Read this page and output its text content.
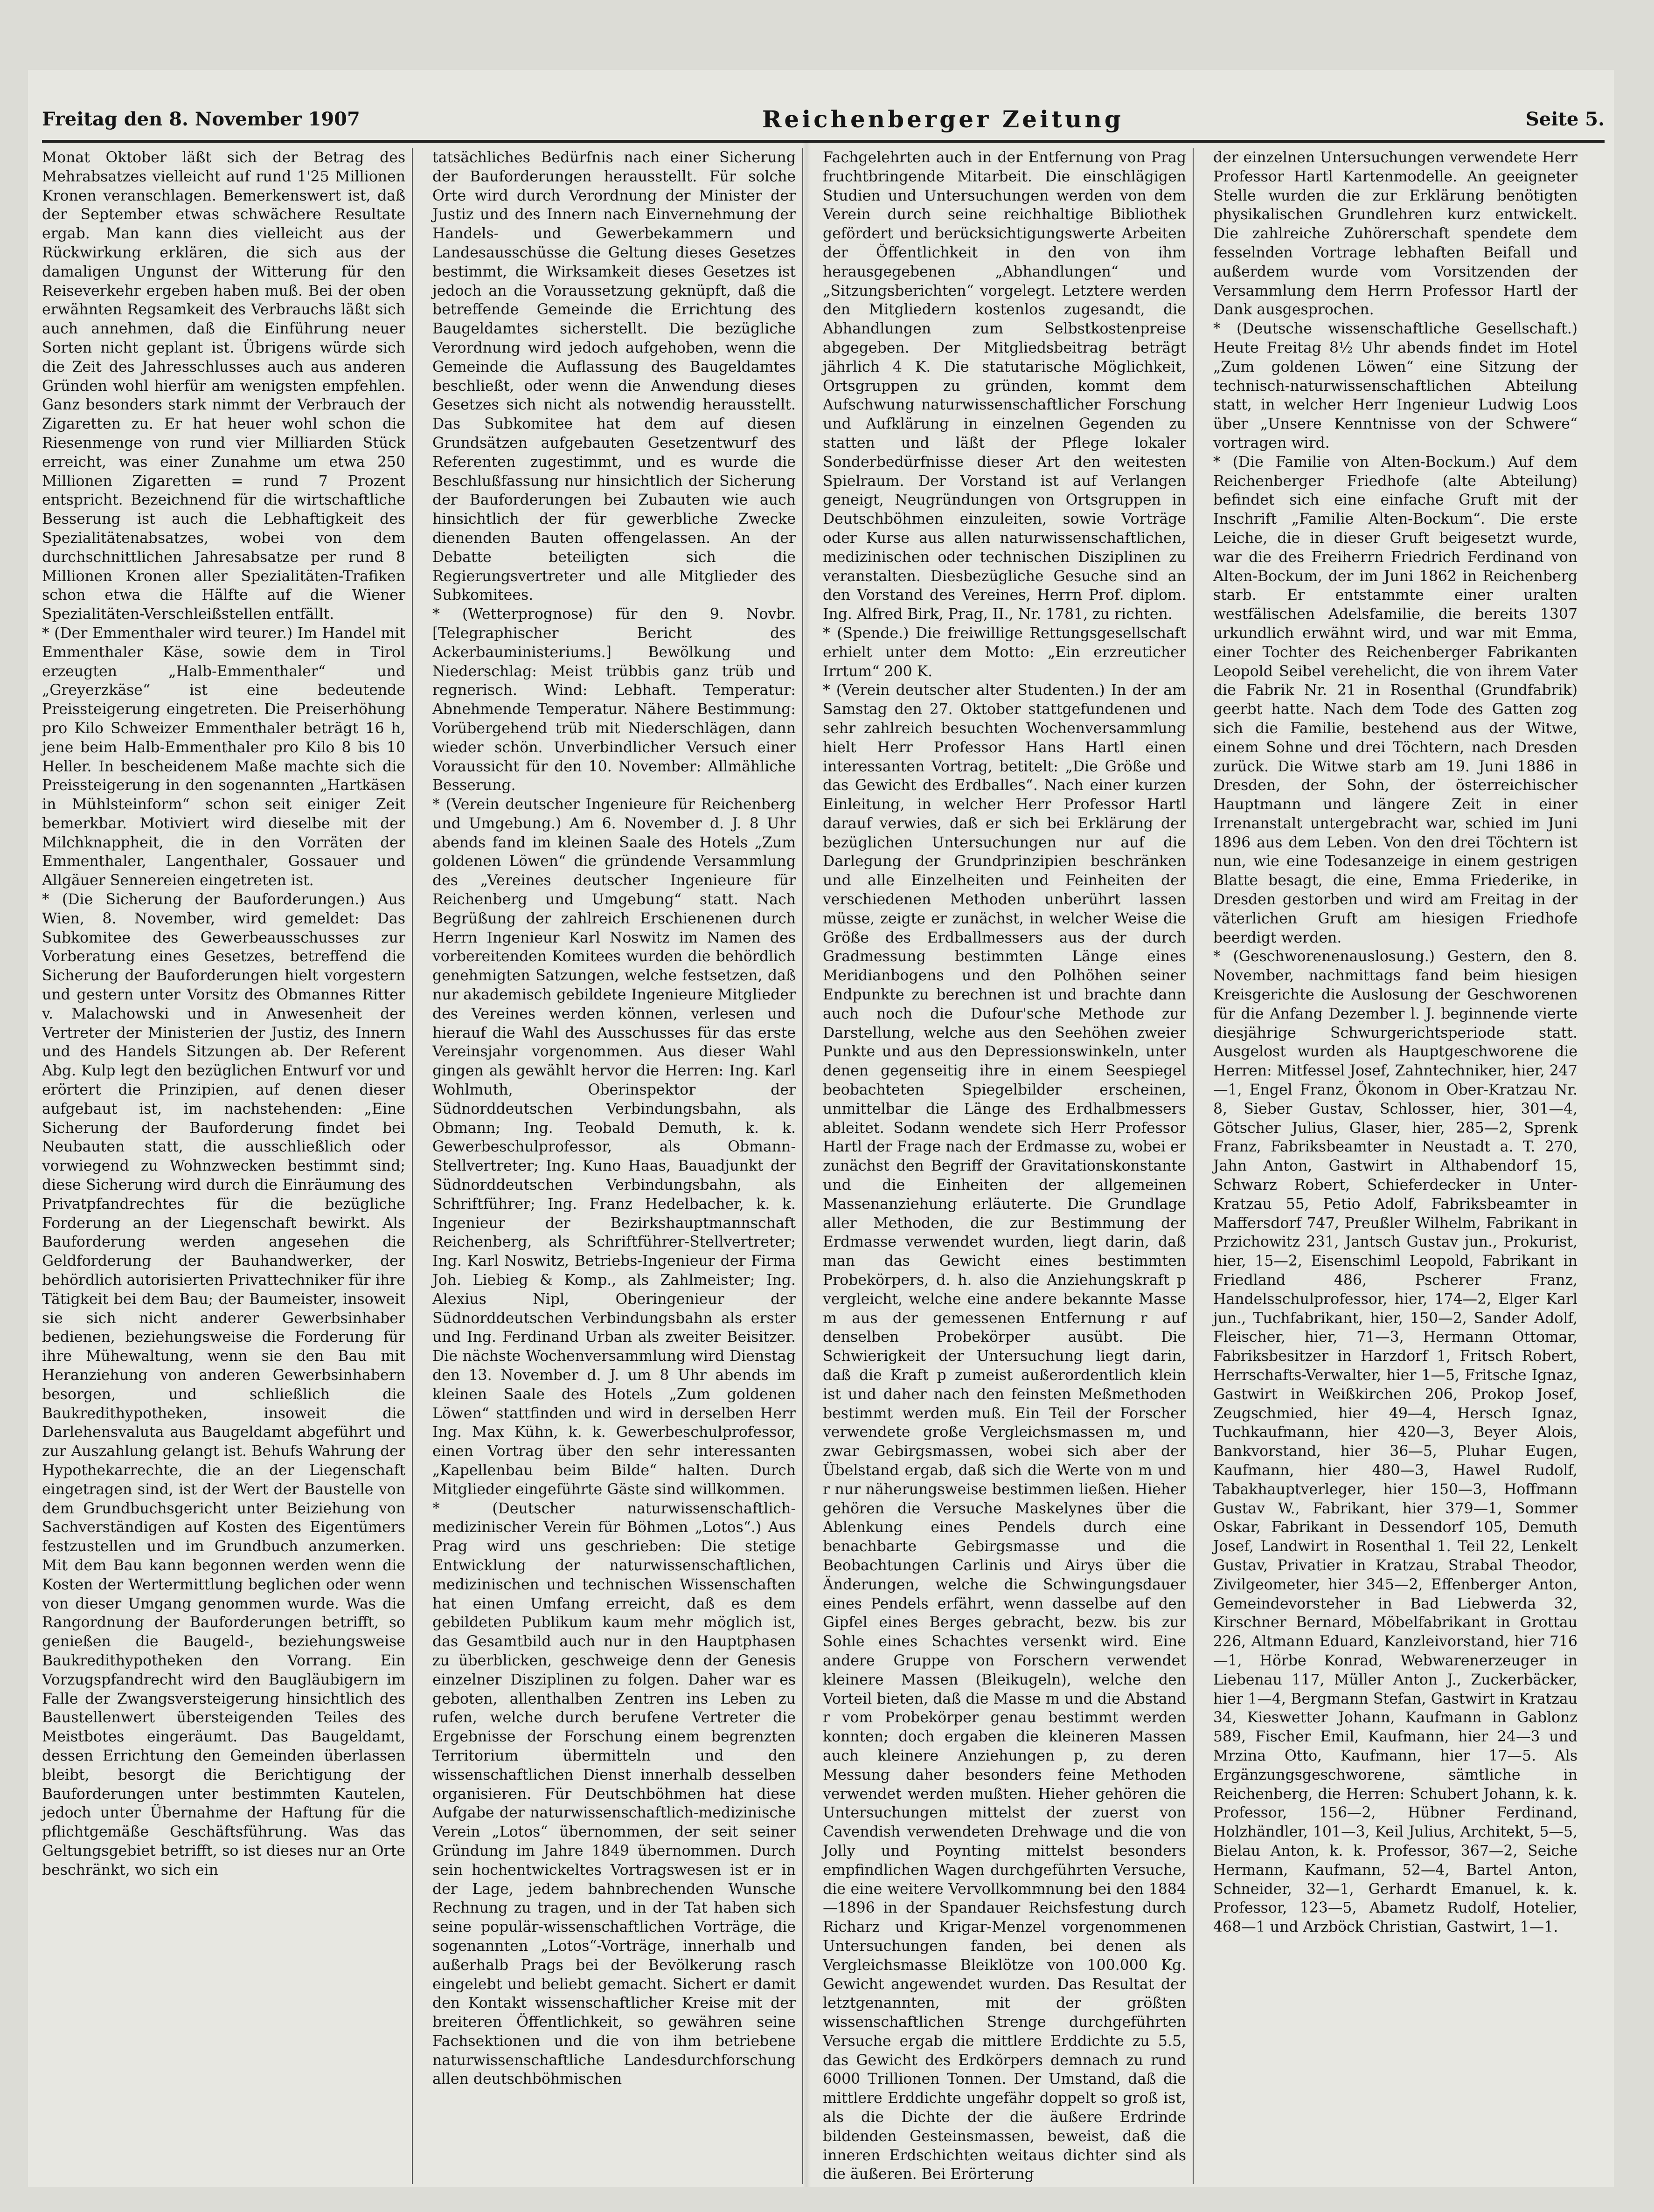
Freitag den 8. November 1907	Reichenberger Zeitung	Seite 5.

Monat Oktober läßt sich der Betrag des Mehrabsatzes vielleicht auf rund 1'25 Millionen Kronen veranschlagen. Bemerkenswert ist, daß der September etwas schwächere Resultate ergab. Man kann dies vielleicht aus der Rückwirkung erklären, die sich aus der damaligen Ungunst der Witterung für den Reiseverkehr ergeben haben muß. Bei der oben erwähnten Regsamkeit des Verbrauchs läßt sich auch annehmen, daß die Einführung neuer Sorten nicht geplant ist. Übrigens würde sich die Zeit des Jahresschlusses auch aus anderen Gründen wohl hierfür am wenigsten empfehlen. Ganz besonders stark nimmt der Verbrauch der Zigaretten zu. Er hat heuer wohl schon die Riesenmenge von rund vier Milliarden Stück erreicht, was einer Zunahme um etwa 250 Millionen Zigaretten = rund 7 Prozent entspricht. Bezeichnend für die wirtschaftliche Besserung ist auch die Lebhaftigkeit des Spezialitätenabsatzes, wobei von dem durchschnittlichen Jahresabsatze per rund 8 Millionen Kronen aller Spezialitäten-Trafiken schon etwa die Hälfte auf die Wiener Spezialitäten-Verschleißstellen entfällt.

* (Der Emmenthaler wird teurer.) Im Handel mit Emmenthaler Käse, sowie dem in Tirol erzeugten „Halb-Emmenthaler“ und „Greyerzkäse“ ist eine bedeutende Preissteigerung eingetreten. Die Preiserhöhung pro Kilo Schweizer Emmenthaler beträgt 16 h, jene beim Halb-Emmenthaler pro Kilo 8 bis 10 Heller. In bescheidenem Maße machte sich die Preissteigerung in den sogenannten „Hartkäsen in Mühlsteinform“ schon seit einiger Zeit bemerkbar. Motiviert wird dieselbe mit der Milchknappheit, die in den Vorräten der Emmenthaler, Langenthaler, Gossauer und Allgäuer Sennereien eingetreten ist.

* (Die Sicherung der Bauforderungen.) Aus Wien, 8. November, wird gemeldet: Das Subkomitee des Gewerbeausschusses zur Vorberatung eines Gesetzes, betreffend die Sicherung der Bauforderungen hielt vorgestern und gestern unter Vorsitz des Obmannes Ritter v. Malachowski und in Anwesenheit der Vertreter der Ministerien der Justiz, des Innern und des Handels Sitzungen ab. Der Referent Abg. Kulp legt den bezüglichen Entwurf vor und erörtert die Prinzipien, auf denen dieser aufgebaut ist, im nachstehenden: „Eine Sicherung der Bauforderung findet bei Neubauten statt, die ausschließlich oder vorwiegend zu Wohnzwecken bestimmt sind; diese Sicherung wird durch die Einräumung des Privatpfandrechtes für die bezügliche Forderung an der Liegenschaft bewirkt. Als Bauforderung werden angesehen die Geldforderung der Bauhandwerker, der behördlich autorisierten Privattechniker für ihre Tätigkeit bei dem Bau; der Baumeister, insoweit sie sich nicht anderer Gewerbsinhaber bedienen, beziehungsweise die Forderung für ihre Mühewaltung, wenn sie den Bau mit Heranziehung von anderen Gewerbsinhabern besorgen, und schließlich die Baukredithypotheken, insoweit die Darlehensvaluta aus Baugeldamt abgeführt und zur Auszahlung gelangt ist. Behufs Wahrung der Hypothekarrechte, die an der Liegenschaft eingetragen sind, ist der Wert der Baustelle von dem Grundbuchsgericht unter Beiziehung von Sachverständigen auf Kosten des Eigentümers festzustellen und im Grundbuch anzumerken. Mit dem Bau kann begonnen werden wenn die Kosten der Wertermittlung beglichen oder wenn von dieser Umgang genommen wurde. Was die Rangordnung der Bauforderungen betrifft, so genießen die Baugeld-, beziehungsweise Baukredithypotheken den Vorrang. Ein Vorzugspfandrecht wird den Baugläubigern im Falle der Zwangsversteigerung hinsichtlich des Baustellenwert übersteigenden Teiles des Meistbotes eingeräumt. Das Baugeldamt, dessen Errichtung den Gemeinden überlassen bleibt, besorgt die Berichtigung der Bauforderungen unter bestimmten Kautelen, jedoch unter Übernahme der Haftung für die pflichtgemäße Geschäftsführung. Was das Geltungsgebiet betrifft, so ist dieses nur an Orte beschränkt, wo sich ein

tatsächliches Bedürfnis nach einer Sicherung der Bauforderungen herausstellt. Für solche Orte wird durch Verordnung der Minister der Justiz und des Innern nach Einvernehmung der Handels- und Gewerbekammern und Landesausschüsse die Geltung dieses Gesetzes bestimmt, die Wirksamkeit dieses Gesetzes ist jedoch an die Voraussetzung geknüpft, daß die betreffende Gemeinde die Errichtung des Baugeldamtes sicherstellt. Die bezügliche Verordnung wird jedoch aufgehoben, wenn die Gemeinde die Auflassung des Baugeldamtes beschließt, oder wenn die Anwendung dieses Gesetzes sich nicht als notwendig herausstellt. Das Subkomitee hat dem auf diesen Grundsätzen aufgebauten Gesetzentwurf des Referenten zugestimmt, und es wurde die Beschlußfassung nur hinsichtlich der Sicherung der Bauforderungen bei Zubauten wie auch hinsichtlich der für gewerbliche Zwecke dienenden Bauten offengelassen. An der Debatte beteiligten sich die Regierungsvertreter und alle Mitglieder des Subkomitees.

* (Wetterprognose) für den 9. Novbr. [Telegraphischer Bericht des Ackerbauministeriums.] Bewölkung und Niederschlag: Meist trübbis ganz trüb und regnerisch. Wind: Lebhaft. Temperatur: Abnehmende Temperatur. Nähere Bestimmung: Vorübergehend trüb mit Niederschlägen, dann wieder schön. Unverbindlicher Versuch einer Voraussicht für den 10. November: Allmähliche Besserung.

* (Verein deutscher Ingenieure für Reichenberg und Umgebung.) Am 6. November d. J. 8 Uhr abends fand im kleinen Saale des Hotels „Zum goldenen Löwen“ die gründende Versammlung des „Vereines deutscher Ingenieure für Reichenberg und Umgebung“ statt. Nach Begrüßung der zahlreich Erschienenen durch Herrn Ingenieur Karl Noswitz im Namen des vorbereitenden Komitees wurden die behördlich genehmigten Satzungen, welche festsetzen, daß nur akademisch gebildete Ingenieure Mitglieder des Vereines werden können, verlesen und hierauf die Wahl des Ausschusses für das erste Vereinsjahr vorgenommen. Aus dieser Wahl gingen als gewählt hervor die Herren: Ing. Karl Wohlmuth, Oberinspektor der Südnorddeutschen Verbindungsbahn, als Obmann; Ing. Teobald Demuth, k. k. Gewerbeschulprofessor, als Obmann-Stellvertreter; Ing. Kuno Haas, Bauadjunkt der Südnorddeutschen Verbindungsbahn, als Schriftführer; Ing. Franz Hedelbacher, k. k. Ingenieur der Bezirkshauptmannschaft Reichenberg, als Schriftführer-Stellvertreter; Ing. Karl Noswitz, Betriebs-Ingenieur der Firma Joh. Liebieg & Komp., als Zahlmeister; Ing. Alexius Nipl, Oberingenieur der Südnorddeutschen Verbindungsbahn als erster und Ing. Ferdinand Urban als zweiter Beisitzer. Die nächste Wochenversammlung wird Dienstag den 13. November d. J. um 8 Uhr abends im kleinen Saale des Hotels „Zum goldenen Löwen“ stattfinden und wird in derselben Herr Ing. Max Kühn, k. k. Gewerbeschulprofessor, einen Vortrag über den sehr interessanten „Kapellenbau beim Bilde“ halten. Durch Mitglieder eingeführte Gäste sind willkommen.

* (Deutscher naturwissenschaftlich-medizinischer Verein für Böhmen „Lotos“.) Aus Prag wird uns geschrieben: Die stetige Entwicklung der naturwissenschaftlichen, medizinischen und technischen Wissenschaften hat einen Umfang erreicht, daß es dem gebildeten Publikum kaum mehr möglich ist, das Gesamtbild auch nur in den Hauptphasen zu überblicken, geschweige denn der Genesis einzelner Disziplinen zu folgen. Daher war es geboten, allenthalben Zentren ins Leben zu rufen, welche durch berufene Vertreter die Ergebnisse der Forschung einem begrenzten Territorium übermitteln und den wissenschaftlichen Dienst innerhalb desselben organisieren. Für Deutschböhmen hat diese Aufgabe der naturwissenschaftlich-medizinische Verein „Lotos“ übernommen, der seit seiner Gründung im Jahre 1849 übernommen. Durch sein hochentwickeltes Vortragswesen ist er in der Lage, jedem bahnbrechenden Wunsche Rechnung zu tragen, und in der Tat haben sich seine populär-wissenschaftlichen Vorträge, die sogenannten „Lotos“-Vorträge, innerhalb und außerhalb Prags bei der Bevölkerung rasch eingelebt und beliebt gemacht. Sichert er damit den Kontakt wissenschaftlicher Kreise mit der breiteren Öffentlichkeit, so gewähren seine Fachsektionen und die von ihm betriebene naturwissenschaftliche Landesdurchforschung allen deutschböhmischen

Fachgelehrten auch in der Entfernung von Prag fruchtbringende Mitarbeit. Die einschlägigen Studien und Untersuchungen werden von dem Verein durch seine reichhaltige Bibliothek gefördert und berücksichtigungswerte Arbeiten der Öffentlichkeit in den von ihm herausgegebenen „Abhandlungen“ und „Sitzungsberichten“ vorgelegt. Letztere werden den Mitgliedern kostenlos zugesandt, die Abhandlungen zum Selbstkostenpreise abgegeben. Der Mitgliedsbeitrag beträgt jährlich 4 K. Die statutarische Möglichkeit, Ortsgruppen zu gründen, kommt dem Aufschwung naturwissenschaftlicher Forschung und Aufklärung in einzelnen Gegenden zu statten und läßt der Pflege lokaler Sonderbedürfnisse dieser Art den weitesten Spielraum. Der Vorstand ist auf Verlangen geneigt, Neugründungen von Ortsgruppen in Deutschböhmen einzuleiten, sowie Vorträge oder Kurse aus allen naturwissenschaftlichen, medizinischen oder technischen Disziplinen zu veranstalten. Diesbezügliche Gesuche sind an den Vorstand des Vereines, Herrn Prof. diplom. Ing. Alfred Birk, Prag, II., Nr. 1781, zu richten.

* (Spende.) Die freiwillige Rettungsgesellschaft erhielt unter dem Motto: „Ein erzreuticher Irrtum“ 200 K.

* (Verein deutscher alter Studenten.) In der am Samstag den 27. Oktober stattgefundenen und sehr zahlreich besuchten Wochenversammlung hielt Herr Professor Hans Hartl einen interessanten Vortrag, betitelt: „Die Größe und das Gewicht des Erdballes“. Nach einer kurzen Einleitung, in welcher Herr Professor Hartl darauf verwies, daß er sich bei Erklärung der bezüglichen Untersuchungen nur auf die Darlegung der Grundprinzipien beschränken und alle Einzelheiten und Feinheiten der verschiedenen Methoden unberührt lassen müsse, zeigte er zunächst, in welcher Weise die Größe des Erdballmessers aus der durch Gradmessung bestimmten Länge eines Meridianbogens und den Polhöhen seiner Endpunkte zu berechnen ist und brachte dann auch noch die Dufour'sche Methode zur Darstellung, welche aus den Seehöhen zweier Punkte und aus den Depressionswinkeln, unter denen gegenseitig ihre in einem Seespiegel beobachteten Spiegelbilder erscheinen, unmittelbar die Länge des Erdhalbmessers ableitet. Sodann wendete sich Herr Professor Hartl der Frage nach der Erdmasse zu, wobei er zunächst den Begriff der Gravitationskonstante und die Einheiten der allgemeinen Massenanziehung erläuterte. Die Grundlage aller Methoden, die zur Bestimmung der Erdmasse verwendet wurden, liegt darin, daß man das Gewicht eines bestimmten Probekörpers, d. h. also die Anziehungskraft p vergleicht, welche eine andere bekannte Masse m aus der gemessenen Entfernung r auf denselben Probekörper ausübt. Die Schwierigkeit der Untersuchung liegt darin, daß die Kraft p zumeist außerordentlich klein ist und daher nach den feinsten Meßmethoden bestimmt werden muß. Ein Teil der Forscher verwendete große Vergleichsmassen m, und zwar Gebirgsmassen, wobei sich aber der Übelstand ergab, daß sich die Werte von m und r nur näherungsweise bestimmen ließen. Hieher gehören die Versuche Maskelynes über die Ablenkung eines Pendels durch eine benachbarte Gebirgsmasse und die Beobachtungen Carlinis und Airys über die Änderungen, welche die Schwingungsdauer eines Pendels erfährt, wenn dasselbe auf den Gipfel eines Berges gebracht, bezw. bis zur Sohle eines Schachtes versenkt wird. Eine andere Gruppe von Forschern verwendet kleinere Massen (Bleikugeln), welche den Vorteil bieten, daß die Masse m und die Abstand r vom Probekörper genau bestimmt werden konnten; doch ergaben die kleineren Massen auch kleinere Anziehungen p, zu deren Messung daher besonders feine Methoden verwendet werden mußten. Hieher gehören die Untersuchungen mittelst der zuerst von Cavendish verwendeten Drehwage und die von Jolly und Poynting mittelst besonders empfindlichen Wagen durchgeführten Versuche, die eine weitere Vervollkommnung bei den 1884—1896 in der Spandauer Reichsfestung durch Richarz und Krigar-Menzel vorgenommenen Untersuchungen fanden, bei denen als Vergleichsmasse Bleiklötze von 100.000 Kg. Gewicht angewendet wurden. Das Resultat der letztgenannten, mit der größten wissenschaftlichen Strenge durchgeführten Versuche ergab die mittlere Erddichte zu 5.5, das Gewicht des Erdkörpers demnach zu rund 6000 Trillionen Tonnen. Der Umstand, daß die mittlere Erddichte ungefähr doppelt so groß ist, als die Dichte der die äußere Erdrinde bildenden Gesteinsmassen, beweist, daß die inneren Erdschichten weitaus dichter sind als die äußeren. Bei Erörterung

der einzelnen Untersuchungen verwendete Herr Professor Hartl Kartenmodelle. An geeigneter Stelle wurden die zur Erklärung benötigten physikalischen Grundlehren kurz entwickelt. Die zahlreiche Zuhörerschaft spendete dem fesselnden Vortrage lebhaften Beifall und außerdem wurde vom Vorsitzenden der Versammlung dem Herrn Professor Hartl der Dank ausgesprochen.

* (Deutsche wissenschaftliche Gesellschaft.) Heute Freitag 8½ Uhr abends findet im Hotel „Zum goldenen Löwen“ eine Sitzung der technisch-naturwissenschaftlichen Abteilung statt, in welcher Herr Ingenieur Ludwig Loos über „Unsere Kenntnisse von der Schwere“ vortragen wird.

* (Die Familie von Alten-Bockum.) Auf dem Reichenberger Friedhofe (alte Abteilung) befindet sich eine einfache Gruft mit der Inschrift „Familie Alten-Bockum“. Die erste Leiche, die in dieser Gruft beigesetzt wurde, war die des Freiherrn Friedrich Ferdinand von Alten-Bockum, der im Juni 1862 in Reichenberg starb. Er entstammte einer uralten westfälischen Adelsfamilie, die bereits 1307 urkundlich erwähnt wird, und war mit Emma, einer Tochter des Reichenberger Fabrikanten Leopold Seibel verehelicht, die von ihrem Vater die Fabrik Nr. 21 in Rosenthal (Grundfabrik) geerbt hatte. Nach dem Tode des Gatten zog sich die Familie, bestehend aus der Witwe, einem Sohne und drei Töchtern, nach Dresden zurück. Die Witwe starb am 19. Juni 1886 in Dresden, der Sohn, der österreichischer Hauptmann und längere Zeit in einer Irrenanstalt untergebracht war, schied im Juni 1896 aus dem Leben. Von den drei Töchtern ist nun, wie eine Todesanzeige in einem gestrigen Blatte besagt, die eine, Emma Friederike, in Dresden gestorben und wird am Freitag in der väterlichen Gruft am hiesigen Friedhofe beerdigt werden.

* (Geschworenenauslosung.) Gestern, den 8. November, nachmittags fand beim hiesigen Kreisgerichte die Auslosung der Geschworenen für die Anfang Dezember l. J. beginnende vierte diesjährige Schwurgerichtsperiode statt. Ausgelost wurden als Hauptgeschworene die Herren: Mitfessel Josef, Zahntechniker, hier, 247—1, Engel Franz, Ökonom in Ober-Kratzau Nr. 8, Sieber Gustav, Schlosser, hier, 301—4, Götscher Julius, Glaser, hier, 285—2, Sprenk Franz, Fabriksbeamter in Neustadt a. T. 270, Jahn Anton, Gastwirt in Althabendorf 15, Schwarz Robert, Schieferdecker in Unter-Kratzau 55, Petio Adolf, Fabriksbeamter in Maffersdorf 747, Preußler Wilhelm, Fabrikant in Przichowitz 231, Jantsch Gustav jun., Prokurist, hier, 15—2, Eisenschiml Leopold, Fabrikant in Friedland 486, Pscherer Franz, Handelsschulprofessor, hier, 174—2, Elger Karl jun., Tuchfabrikant, hier, 150—2, Sander Adolf, Fleischer, hier, 71—3, Hermann Ottomar, Fabriksbesitzer in Harzdorf 1, Fritsch Robert, Herrschafts-Verwalter, hier 1—5, Fritsche Ignaz, Gastwirt in Weißkirchen 206, Prokop Josef, Zeugschmied, hier 49—4, Hersch Ignaz, Tuchkaufmann, hier 420—3, Beyer Alois, Bankvorstand, hier 36—5, Pluhar Eugen, Kaufmann, hier 480—3, Hawel Rudolf, Tabakhauptverleger, hier 150—3, Hoffmann Gustav W., Fabrikant, hier 379—1, Sommer Oskar, Fabrikant in Dessendorf 105, Demuth Josef, Landwirt in Rosenthal 1. Teil 22, Lenkelt Gustav, Privatier in Kratzau, Strabal Theodor, Zivilgeometer, hier 345—2, Effenberger Anton, Gemeindevorsteher in Bad Liebwerda 32, Kirschner Bernard, Möbelfabrikant in Grottau 226, Altmann Eduard, Kanzleivorstand, hier 716—1, Hörbe Konrad, Webwarenerzeuger in Liebenau 117, Müller Anton J., Zuckerbäcker, hier 1—4, Bergmann Stefan, Gastwirt in Kratzau 34, Kieswetter Johann, Kaufmann in Gablonz 589, Fischer Emil, Kaufmann, hier 24—3 und Mrzina Otto, Kaufmann, hier 17—5. Als Ergänzungsgeschworene, sämtliche in Reichenberg, die Herren: Schubert Johann, k. k. Professor, 156—2, Hübner Ferdinand, Holzhändler, 101—3, Keil Julius, Architekt, 5—5, Bielau Anton, k. k. Professor, 367—2, Seiche Hermann, Kaufmann, 52—4, Bartel Anton, Schneider, 32—1, Gerhardt Emanuel, k. k. Professor, 123—5, Abametz Rudolf, Hotelier, 468—1 und Arzböck Christian, Gastwirt, 1—1.
